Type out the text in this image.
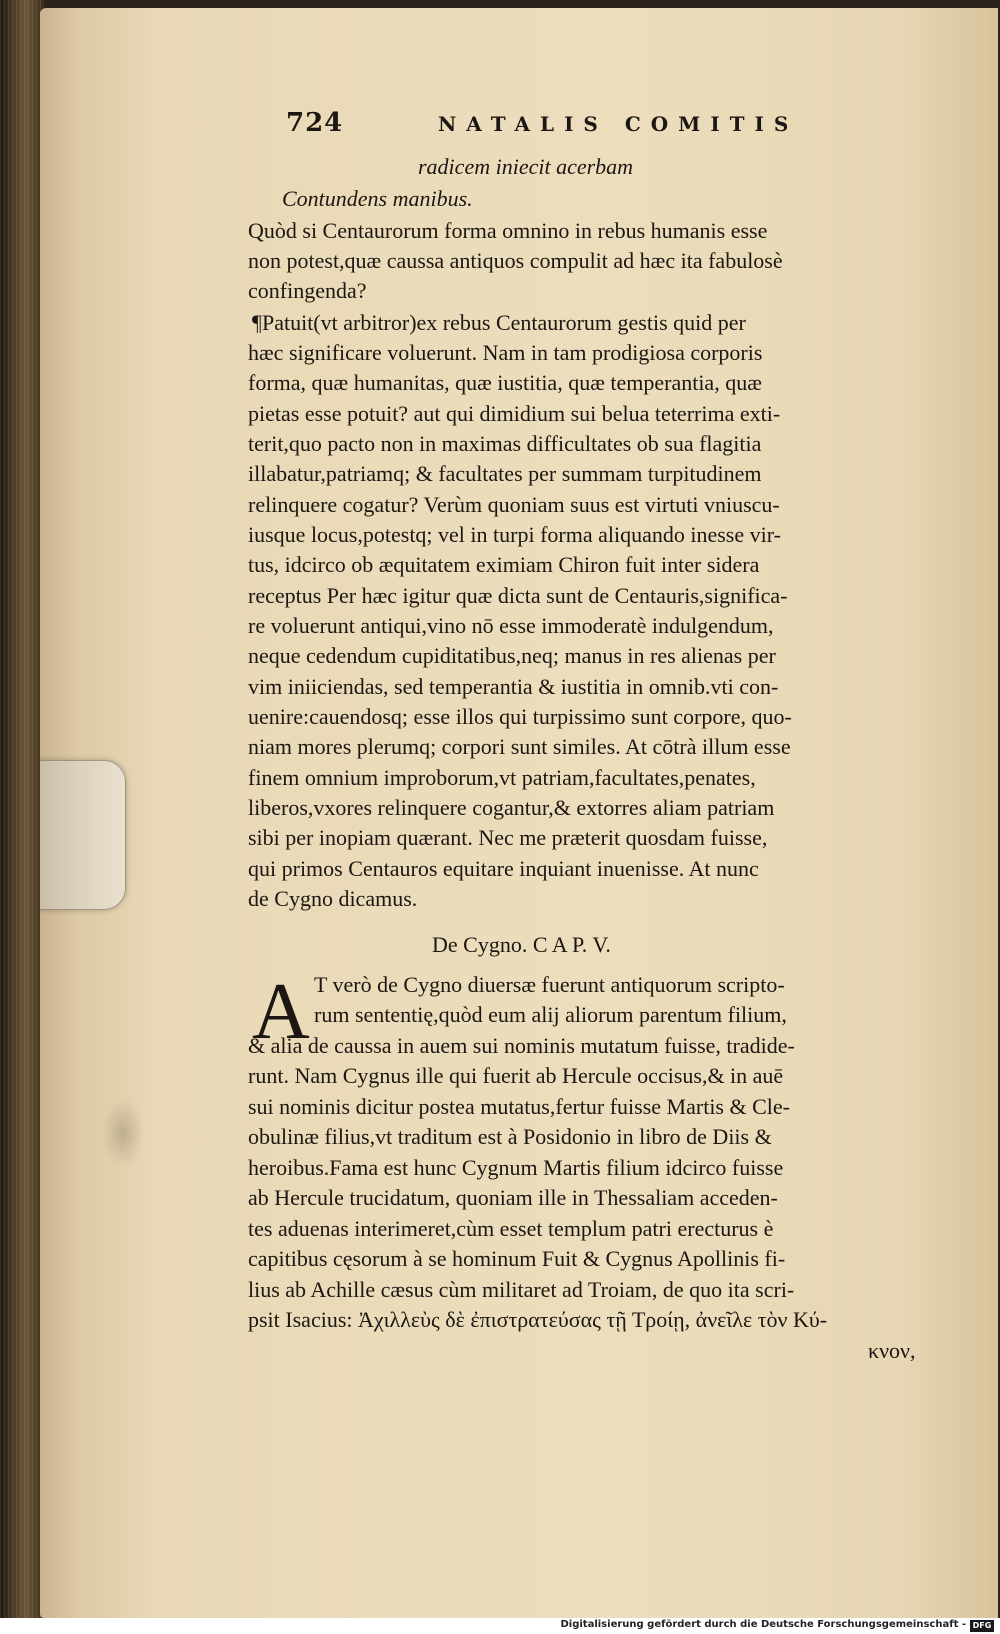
724	NATALIS COMITIS
radicem iniecit acerbam
Contundens manibus.
Quòd si Centaurorum forma omnino in rebus humanis esse
non potest,quæ caussa antiquos compulit ad hæc ita fabulosè
confingenda?
¶Patuit(vt arbitror)ex rebus Centaurorum gestis quid per
hæc significare voluerunt. Nam in tam prodigiosa corporis
forma, quæ humanitas, quæ iustitia, quæ temperantia, quæ
pietas esse potuit? aut qui dimidium sui belua teterrima exti-
terit,quo pacto non in maximas difficultates ob sua flagitia
illabatur,patriamq; & facultates per summam turpitudinem
relinquere cogatur? Verùm quoniam suus est virtuti vniuscu-
iusque locus,potestq; vel in turpi forma aliquando inesse vir-
tus, idcirco ob æquitatem eximiam Chiron fuit inter sidera
receptus Per hæc igitur quæ dicta sunt de Centauris,significa-
re voluerunt antiqui,vino nō esse immoderatè indulgendum,
neque cedendum cupiditatibus,neq; manus in res alienas per
vim iniiciendas, sed temperantia & iustitia in omnib.vti con-
uenire:cauendosq; esse illos qui turpissimo sunt corpore, quo-
niam mores plerumq; corpori sunt similes. At cōtrà illum esse
finem omnium improborum,vt patriam,facultates,penates,
liberos,vxores relinquere cogantur,& extorres aliam patriam
sibi per inopiam quærant. Nec me præterit quosdam fuisse,
qui primos Centauros equitare inquiant inuenisse. At nunc
de Cygno dicamus.
De Cygno. C A P. V.
A T verò de Cygno diuersæ fuerunt antiquorum scripto-
rum sententię,quòd eum alij aliorum parentum filium,
& alia de caussa in auem sui nominis mutatum fuisse, tradide-
runt. Nam Cygnus ille qui fuerit ab Hercule occisus,& in auē
sui nominis dicitur postea mutatus,fertur fuisse Martis & Cle-
obulinæ filius,vt traditum est à Posidonio in libro de Diis &
heroibus.Fama est hunc Cygnum Martis filium idcirco fuisse
ab Hercule trucidatum, quoniam ille in Thessaliam acceden-
tes aduenas interimeret,cùm esset templum patri erecturus è
capitibus cęsorum à se hominum Fuit & Cygnus Apollinis fi-
lius ab Achille cæsus cùm militaret ad Troiam, de quo ita scri-
psit Isacius: Ἀχιλλεὺς δὲ ἐπιστρατεύσας τῇ Τροίῃ, ἀνεῖλε τὸν Κύ-
κνον,
Digitalisierung gefördert durch die Deutsche Forschungsgemeinschaft - DFG
